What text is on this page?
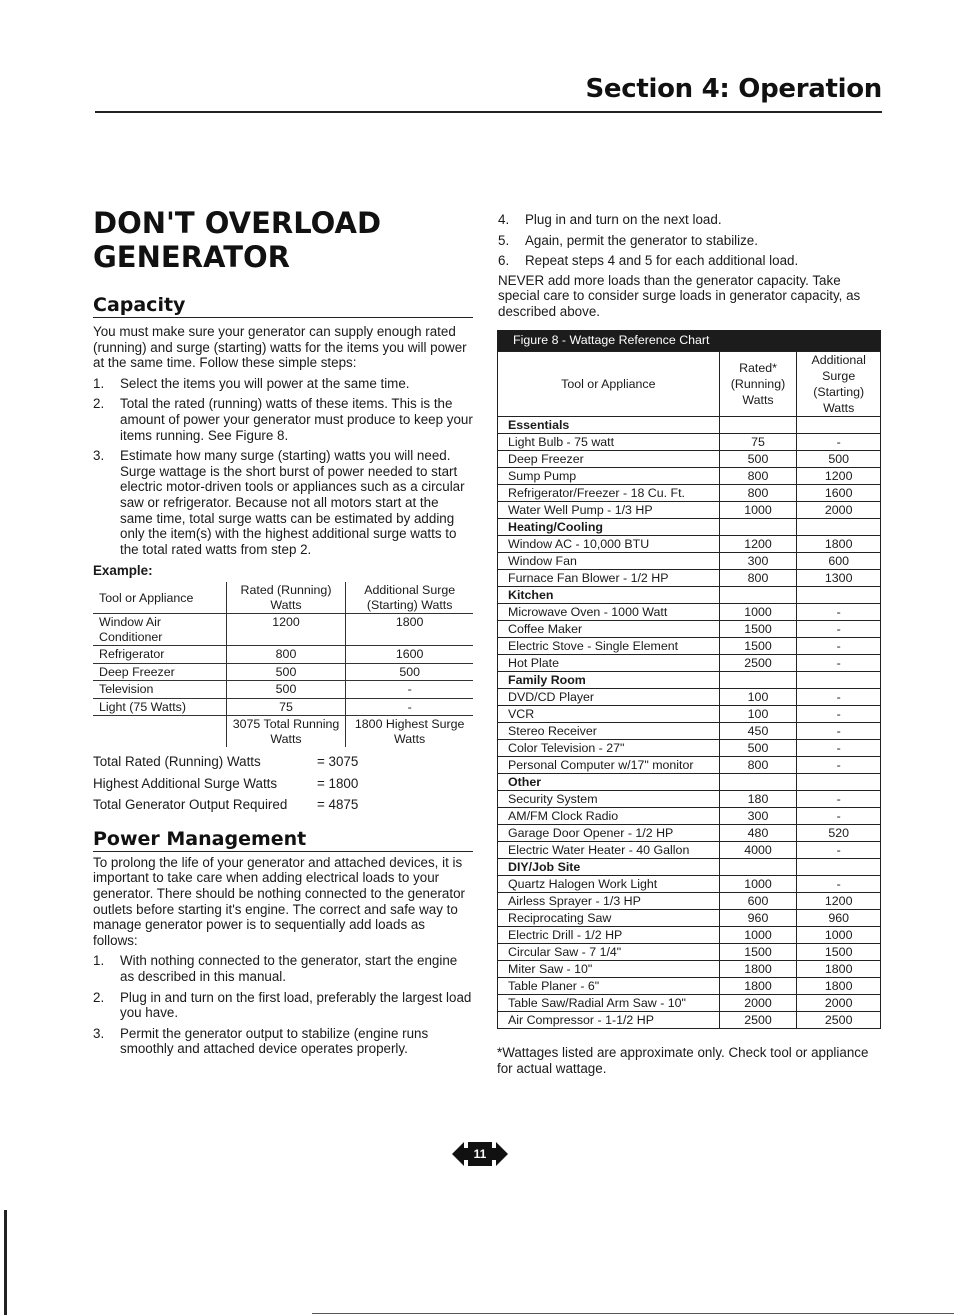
Section 4: Operation
DON'T OVERLOAD
GENERATOR
Capacity
You must make sure your generator can supply enough rated (running) and surge (starting) watts for the items you will power at the same time. Follow these simple steps:
1. Select the items you will power at the same time.
2. Total the rated (running) watts of these items. This is the amount of power your generator must produce to keep your items running. See Figure 8.
3. Estimate how many surge (starting) watts you will need. Surge wattage is the short burst of power needed to start electric motor-driven tools or appliances such as a circular saw or refrigerator. Because not all motors start at the same time, total surge watts can be estimated by adding only the item(s) with the highest additional surge watts to the total rated watts from step 2.
Example:
Tool or Appliance	Rated (Running) Watts	Additional Surge (Starting) Watts
Window Air Conditioner	1200	1800
Refrigerator	800	1600
Deep Freezer	500	500
Television	500	-
Light (75 Watts)	75	-
	3075 Total Running Watts	1800 Highest Surge Watts
Total Rated (Running) Watts	= 3075
Highest Additional Surge Watts	= 1800
Total Generator Output Required	= 4875
Power Management
To prolong the life of your generator and attached devices, it is important to take care when adding electrical loads to your generator. There should be nothing connected to the generator outlets before starting it's engine. The correct and safe way to manage generator power is to sequentially add loads as follows:
1. With nothing connected to the generator, start the engine as described in this manual.
2. Plug in and turn on the first load, preferably the largest load you have.
3. Permit the generator output to stabilize (engine runs smoothly and attached device operates properly.
4. Plug in and turn on the next load.
5. Again, permit the generator to stabilize.
6. Repeat steps 4 and 5 for each additional load.
NEVER add more loads than the generator capacity. Take special care to consider surge loads in generator capacity, as described above.
Figure 8 - Wattage Reference Chart
Tool or Appliance	Rated* (Running) Watts	Additional Surge (Starting) Watts
Essentials		
Light Bulb - 75 watt	75	-
Deep Freezer	500	500
Sump Pump	800	1200
Refrigerator/Freezer - 18 Cu. Ft.	800	1600
Water Well Pump - 1/3 HP	1000	2000
Heating/Cooling		
Window AC - 10,000 BTU	1200	1800
Window Fan	300	600
Furnace Fan Blower - 1/2 HP	800	1300
Kitchen		
Microwave Oven - 1000 Watt	1000	-
Coffee Maker	1500	-
Electric Stove - Single Element	1500	-
Hot Plate	2500	-
Family Room		
DVD/CD Player	100	-
VCR	100	-
Stereo Receiver	450	-
Color Television - 27"	500	-
Personal Computer w/17" monitor	800	-
Other		
Security System	180	-
AM/FM Clock Radio	300	-
Garage Door Opener - 1/2 HP	480	520
Electric Water Heater - 40 Gallon	4000	-
DIY/Job Site		
Quartz Halogen Work Light	1000	-
Airless Sprayer - 1/3 HP	600	1200
Reciprocating Saw	960	960
Electric Drill - 1/2 HP	1000	1000
Circular Saw - 7 1/4"	1500	1500
Miter Saw - 10"	1800	1800
Table Planer - 6"	1800	1800
Table Saw/Radial Arm Saw - 10"	2000	2000
Air Compressor - 1-1/2 HP	2500	2500
*Wattages listed are approximate only. Check tool or appliance for actual wattage.
11
